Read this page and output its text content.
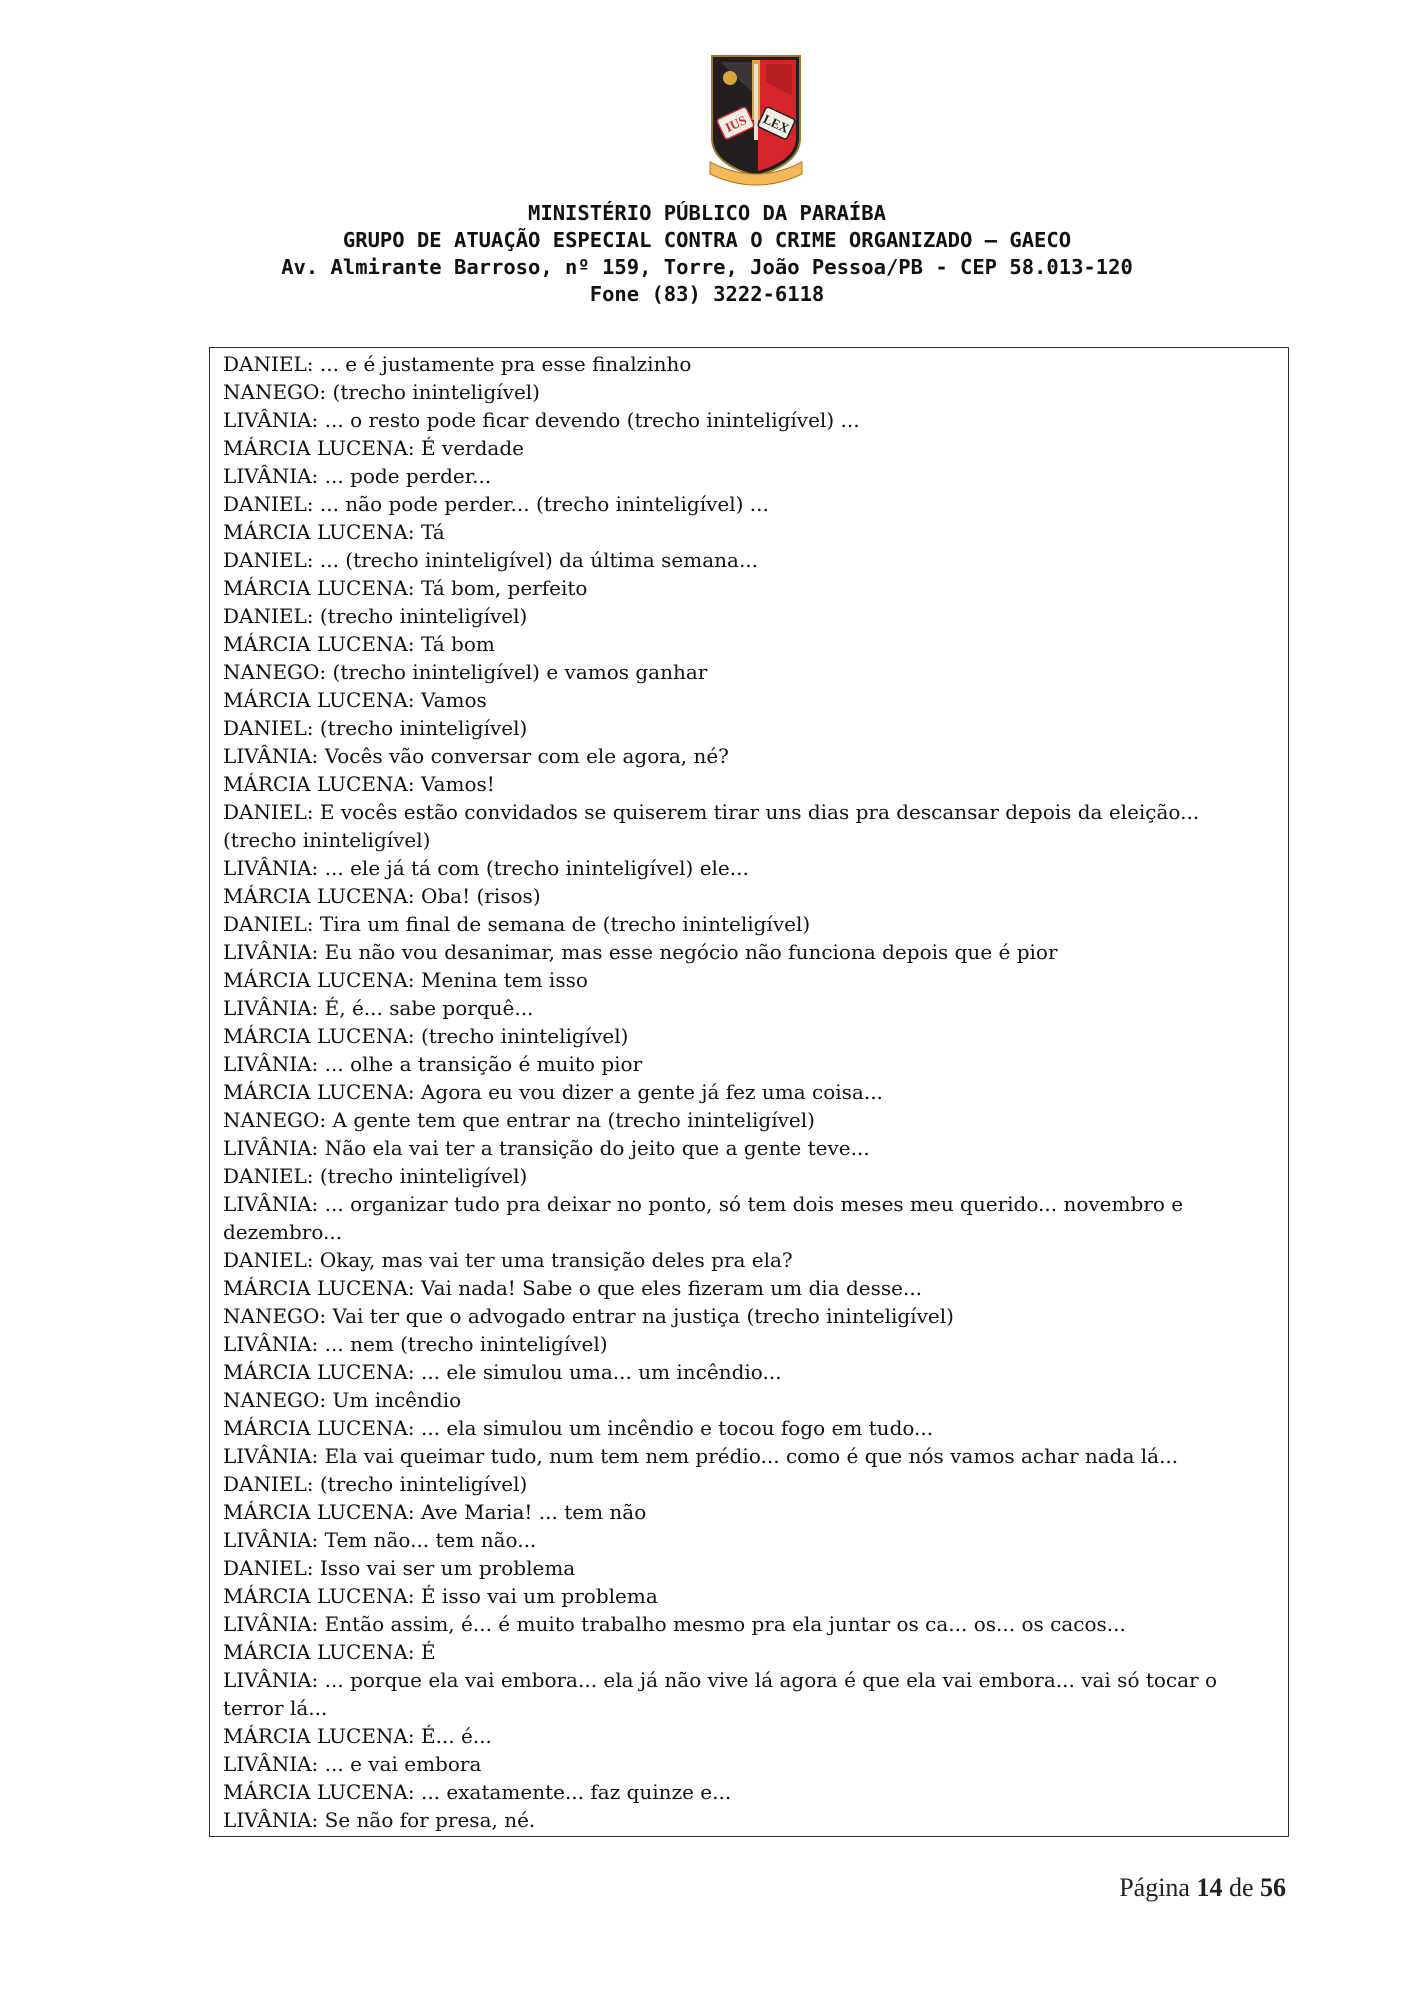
IUS LEX
MINISTÉRIO PÚBLICO DA PARAÍBA
GRUPO DE ATUAÇÃO ESPECIAL CONTRA O CRIME ORGANIZADO – GAECO
Av. Almirante Barroso, nº 159, Torre, João Pessoa/PB - CEP 58.013-120
Fone (83) 3222-6118
DANIEL: ... e é justamente pra esse finalzinho
NANEGO: (trecho ininteligível)
LIVÂNIA: ... o resto pode ficar devendo (trecho ininteligível) ...
MÁRCIA LUCENA: É verdade
LIVÂNIA: ... pode perder...
DANIEL: ... não pode perder... (trecho ininteligível) ...
MÁRCIA LUCENA: Tá
DANIEL: ... (trecho ininteligível) da última semana...
MÁRCIA LUCENA: Tá bom, perfeito
DANIEL: (trecho ininteligível)
MÁRCIA LUCENA: Tá bom
NANEGO: (trecho ininteligível) e vamos ganhar
MÁRCIA LUCENA: Vamos
DANIEL: (trecho ininteligível)
LIVÂNIA: Vocês vão conversar com ele agora, né?
MÁRCIA LUCENA: Vamos!
DANIEL: E vocês estão convidados se quiserem tirar uns dias pra descansar depois da eleição... (trecho ininteligível)
LIVÂNIA: ... ele já tá com (trecho ininteligível) ele...
MÁRCIA LUCENA: Oba! (risos)
DANIEL: Tira um final de semana de (trecho ininteligível)
LIVÂNIA: Eu não vou desanimar, mas esse negócio não funciona depois que é pior
MÁRCIA LUCENA: Menina tem isso
LIVÂNIA: É, é... sabe porquê...
MÁRCIA LUCENA: (trecho ininteligível)
LIVÂNIA: ... olhe a transição é muito pior
MÁRCIA LUCENA: Agora eu vou dizer a gente já fez uma coisa...
NANEGO: A gente tem que entrar na (trecho ininteligível)
LIVÂNIA: Não ela vai ter a transição do jeito que a gente teve...
DANIEL: (trecho ininteligível)
LIVÂNIA: ... organizar tudo pra deixar no ponto, só tem dois meses meu querido... novembro e dezembro...
DANIEL: Okay, mas vai ter uma transição deles pra ela?
MÁRCIA LUCENA: Vai nada! Sabe o que eles fizeram um dia desse...
NANEGO: Vai ter que o advogado entrar na justiça (trecho ininteligível)
LIVÂNIA: ... nem (trecho ininteligível)
MÁRCIA LUCENA: ... ele simulou uma... um incêndio...
NANEGO: Um incêndio
MÁRCIA LUCENA: ... ela simulou um incêndio e tocou fogo em tudo...
LIVÂNIA: Ela vai queimar tudo, num tem nem prédio... como é que nós vamos achar nada lá...
DANIEL: (trecho ininteligível)
MÁRCIA LUCENA: Ave Maria! ... tem não
LIVÂNIA: Tem não... tem não...
DANIEL: Isso vai ser um problema
MÁRCIA LUCENA: É isso vai um problema
LIVÂNIA: Então assim, é... é muito trabalho mesmo pra ela juntar os ca... os... os cacos...
MÁRCIA LUCENA: É
LIVÂNIA: ... porque ela vai embora... ela já não vive lá agora é que ela vai embora... vai só tocar o terror lá...
MÁRCIA LUCENA: É... é...
LIVÂNIA: ... e vai embora
MÁRCIA LUCENA: ... exatamente... faz quinze e...
LIVÂNIA: Se não for presa, né.
Página 14 de 56
